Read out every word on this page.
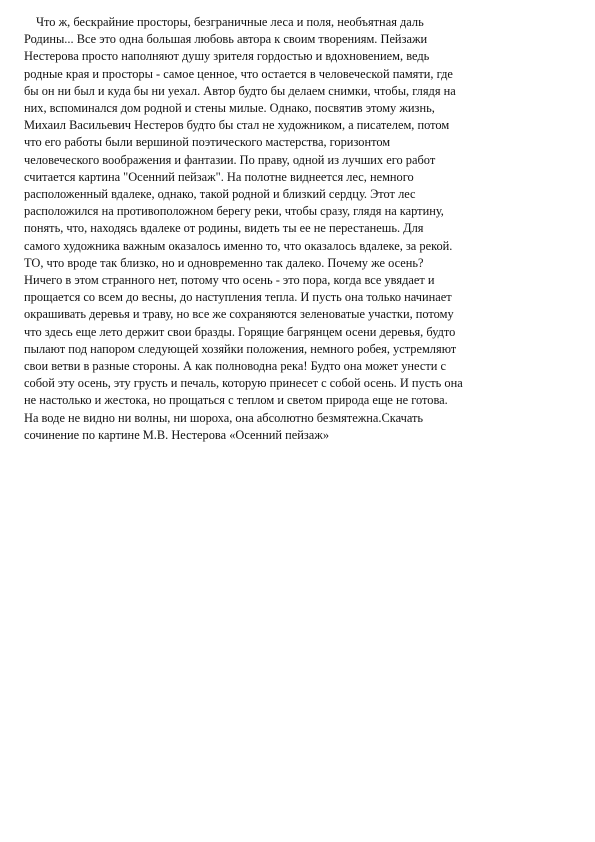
Что ж, бескрайние просторы, безграничные леса и поля, необъятная даль
Родины... Все это одна большая любовь автора к своим творениям. Пейзажи
Нестерова просто наполняют душу зрителя гордостью и вдохновением, ведь
родные края и просторы - самое ценное, что остается в человеческой памяти, где
бы он ни был и куда бы ни уехал. Автор будто бы делаем снимки, чтобы, глядя на
них, вспоминался дом родной и стены милые. Однако, посвятив этому жизнь,
Михаил Васильевич Нестеров будто бы стал не художником, а писателем, потом
что его работы были вершиной поэтического мастерства, горизонтом
человеческого воображения и фантазии. По праву, одной из лучших его работ
считается картина "Осенний пейзаж". На полотне виднеется лес, немного
расположенный вдалеке, однако, такой родной и близкий сердцу. Этот лес
расположился на противоположном берегу реки, чтобы сразу, глядя на картину,
понять, что, находясь вдалеке от родины, видеть ты ее не перестанешь. Для
самого художника важным оказалось именно то, что оказалось вдалеке, за рекой.
ТО, что вроде так близко, но и одновременно так далеко. Почему же осень?
Ничего в этом странного нет, потому что осень - это пора, когда все увядает и
прощается со всем до весны, до наступления тепла. И пусть она только начинает
окрашивать деревья и траву, но все же сохраняются зеленоватые участки, потому
что здесь еще лето держит свои бразды. Горящие багрянцем осени деревья, будто
пылают под напором следующей хозяйки положения, немного робея, устремляют
свои ветви в разные стороны. А как полноводна река! Будто она может унести с
собой эту осень, эту грусть и печаль, которую принесет с собой осень. И пусть она
не настолько и жестока, но прощаться с теплом и светом природа еще не готова.
На воде не видно ни волны, ни шороха, она абсолютно безмятежна.Скачать
сочинение по картине М.В. Нестерова «Осенний пейзаж»
